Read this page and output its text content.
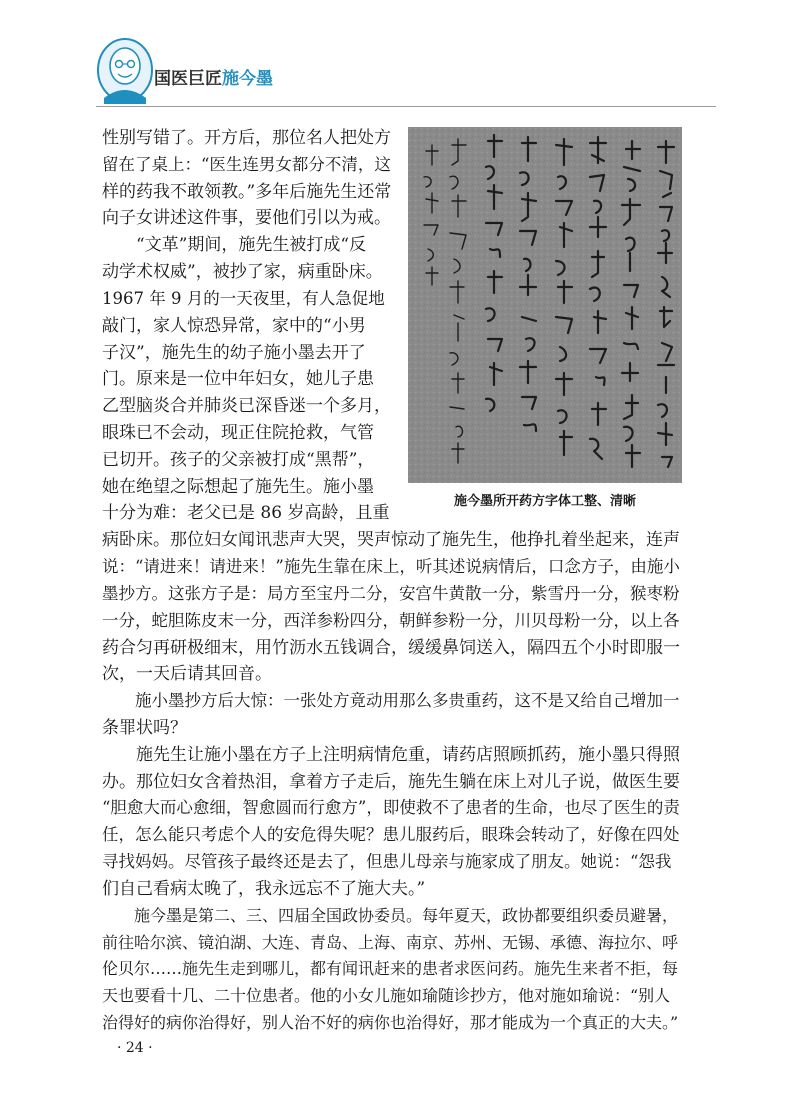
国医巨匠施今墨
施今墨所开药方字体工整、清晰
性别写错了。开方后，那位名人把处方
留在了桌上：“医生连男女都分不清，这
样的药我不敢领教。”多年后施先生还常
向子女讲述这件事，要他们引以为戒。
　　“文革”期间，施先生被打成“反
动学术权威”，被抄了家，病重卧床。
1967 年 9 月的一天夜里，有人急促地
敲门，家人惊恐异常，家中的“小男
子汉”，施先生的幼子施小墨去开了
门。原来是一位中年妇女，她儿子患
乙型脑炎合并肺炎已深昏迷一个多月，
眼珠已不会动，现正住院抢救，气管
已切开。孩子的父亲被打成“黑帮”，
她在绝望之际想起了施先生。施小墨
十分为难：老父已是 86 岁高龄，且重
病卧床。那位妇女闻讯悲声大哭，哭声惊动了施先生，他挣扎着坐起来，连声
说：“请进来！请进来！”施先生靠在床上，听其述说病情后，口念方子，由施小
墨抄方。这张方子是：局方至宝丹二分，安宫牛黄散一分，紫雪丹一分，猴枣粉
一分，蛇胆陈皮末一分，西洋参粉四分，朝鲜参粉一分，川贝母粉一分，以上各
药合匀再研极细末，用竹沥水五钱调合，缓缓鼻饲送入，隔四五个小时即服一
次，一天后请其回音。
　　施小墨抄方后大惊：一张处方竟动用那么多贵重药，这不是又给自己增加一
条罪状吗？
　　施先生让施小墨在方子上注明病情危重，请药店照顾抓药，施小墨只得照
办。那位妇女含着热泪，拿着方子走后，施先生躺在床上对儿子说，做医生要
“胆愈大而心愈细，智愈圆而行愈方”，即使救不了患者的生命，也尽了医生的责
任，怎么能只考虑个人的安危得失呢？患儿服药后，眼珠会转动了，好像在四处
寻找妈妈。尽管孩子最终还是去了，但患儿母亲与施家成了朋友。她说：“怨我
们自己看病太晚了，我永远忘不了施大夫。”
　　施今墨是第二、三、四届全国政协委员。每年夏天，政协都要组织委员避暑，
前往哈尔滨、镜泊湖、大连、青岛、上海、南京、苏州、无锡、承德、海拉尔、呼
伦贝尔……施先生走到哪儿，都有闻讯赶来的患者求医问药。施先生来者不拒，每
天也要看十几、二十位患者。他的小女儿施如瑜随诊抄方，他对施如瑜说：“别人
治得好的病你治得好，别人治不好的病你也治得好，那才能成为一个真正的大夫。”
· 24 ·
